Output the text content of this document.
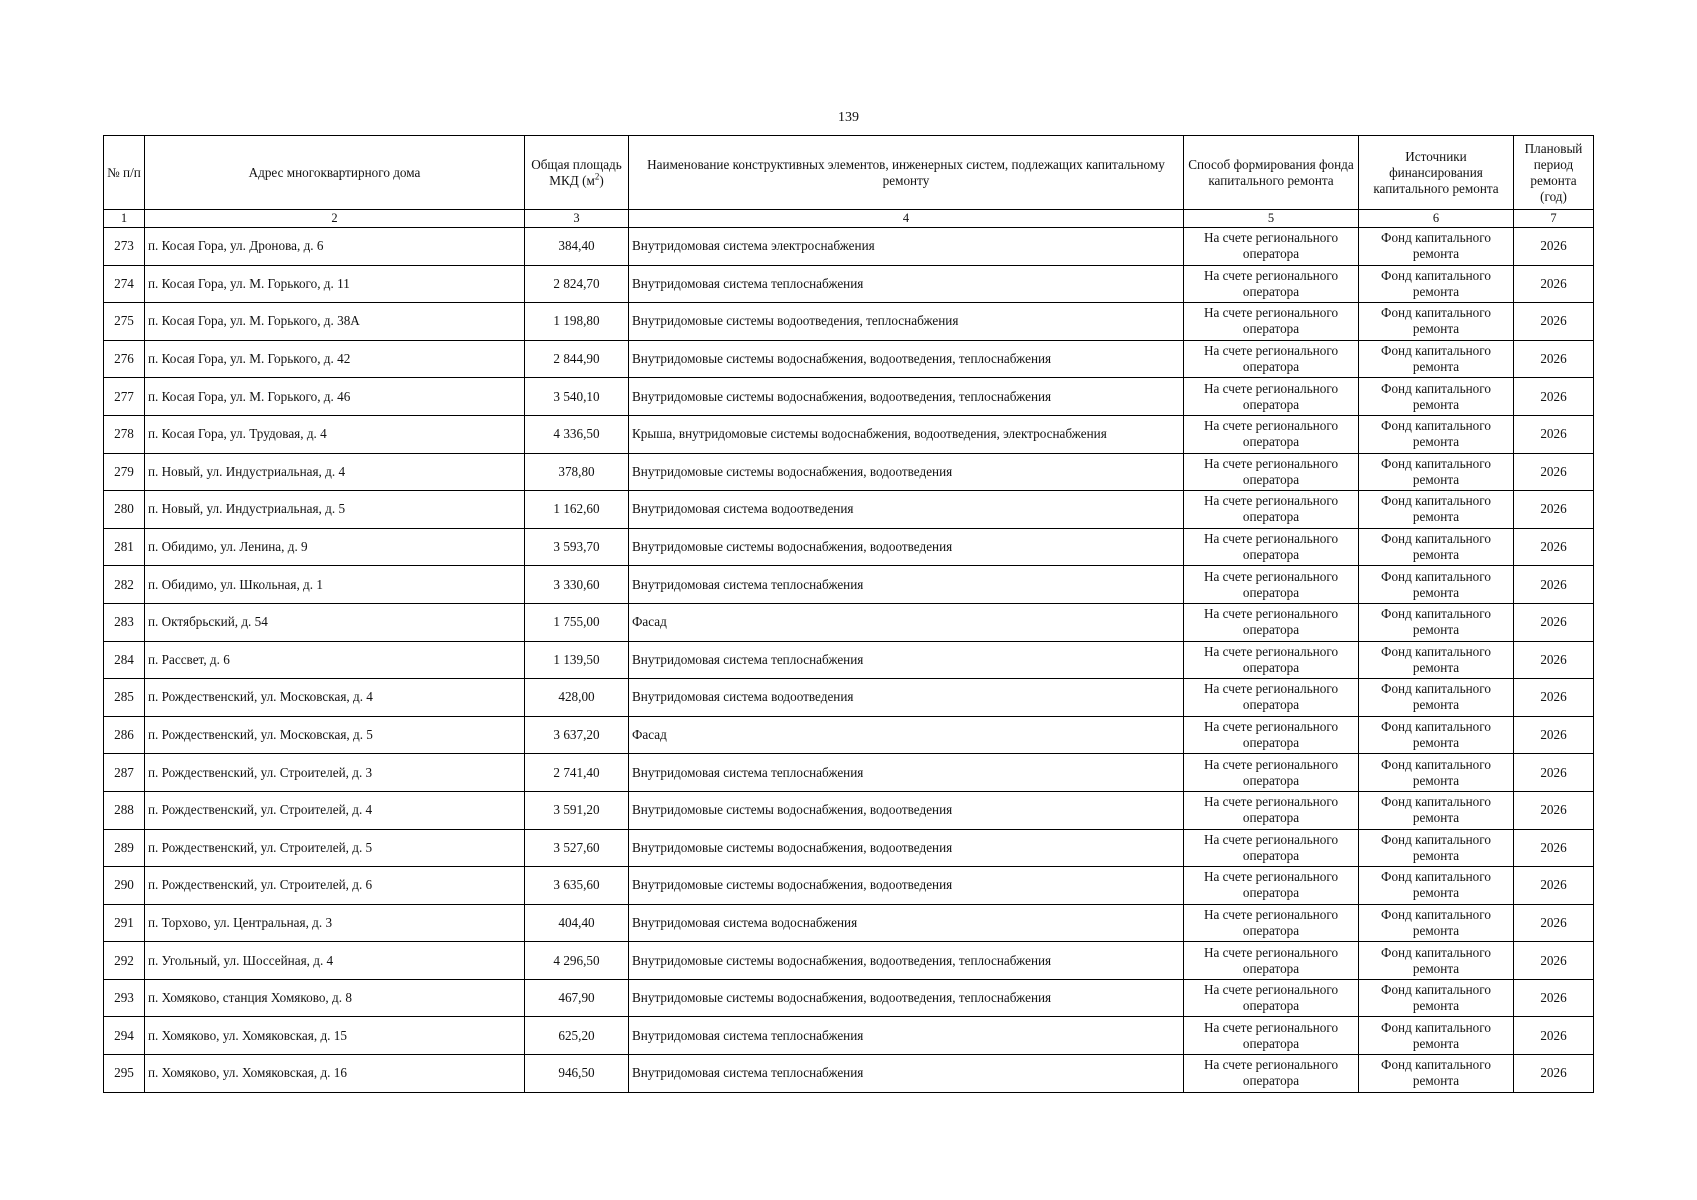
139
№ п/п	Адрес многоквартирного дома	Общая площадь МКД $(м^2)$	Наименование конструктивных элементов, инженерных систем, подлежащих капитальному ремонту	Способ формирования фонда капитального ремонта	Источники финансирования капитального ремонта	Плановый период ремонта (год)
1	2	3	4	5	6	7
273	п. Косая Гора, ул. Дронова, д. 6	384,40	Внутридомовая система электроснабжения	На счете регионального оператора	Фонд капитального ремонта	2026
274	п. Косая Гора, ул. М. Горького, д. 11	2 824,70	Внутридомовая система теплоснабжения	На счете регионального оператора	Фонд капитального ремонта	2026
275	п. Косая Гора, ул. М. Горького, д. 38А	1 198,80	Внутридомовые системы водоотведения, теплоснабжения	На счете регионального оператора	Фонд капитального ремонта	2026
276	п. Косая Гора, ул. М. Горького, д. 42	2 844,90	Внутридомовые системы водоснабжения, водоотведения, теплоснабжения	На счете регионального оператора	Фонд капитального ремонта	2026
277	п. Косая Гора, ул. М. Горького, д. 46	3 540,10	Внутридомовые системы водоснабжения, водоотведения, теплоснабжения	На счете регионального оператора	Фонд капитального ремонта	2026
278	п. Косая Гора, ул. Трудовая, д. 4	4 336,50	Крыша, внутридомовые системы водоснабжения, водоотведения, электроснабжения	На счете регионального оператора	Фонд капитального ремонта	2026
279	п. Новый, ул. Индустриальная, д. 4	378,80	Внутридомовые системы водоснабжения, водоотведения	На счете регионального оператора	Фонд капитального ремонта	2026
280	п. Новый, ул. Индустриальная, д. 5	1 162,60	Внутридомовая система водоотведения	На счете регионального оператора	Фонд капитального ремонта	2026
281	п. Обидимо, ул. Ленина, д. 9	3 593,70	Внутридомовые системы водоснабжения, водоотведения	На счете регионального оператора	Фонд капитального ремонта	2026
282	п. Обидимо, ул. Школьная, д. 1	3 330,60	Внутридомовая система теплоснабжения	На счете регионального оператора	Фонд капитального ремонта	2026
283	п. Октябрьский, д. 54	1 755,00	Фасад	На счете регионального оператора	Фонд капитального ремонта	2026
284	п. Рассвет, д. 6	1 139,50	Внутридомовая система теплоснабжения	На счете регионального оператора	Фонд капитального ремонта	2026
285	п. Рождественский, ул. Московская, д. 4	428,00	Внутридомовая система водоотведения	На счете регионального оператора	Фонд капитального ремонта	2026
286	п. Рождественский, ул. Московская, д. 5	3 637,20	Фасад	На счете регионального оператора	Фонд капитального ремонта	2026
287	п. Рождественский, ул. Строителей, д. 3	2 741,40	Внутридомовая система теплоснабжения	На счете регионального оператора	Фонд капитального ремонта	2026
288	п. Рождественский, ул. Строителей, д. 4	3 591,20	Внутридомовые системы водоснабжения, водоотведения	На счете регионального оператора	Фонд капитального ремонта	2026
289	п. Рождественский, ул. Строителей, д. 5	3 527,60	Внутридомовые системы водоснабжения, водоотведения	На счете регионального оператора	Фонд капитального ремонта	2026
290	п. Рождественский, ул. Строителей, д. 6	3 635,60	Внутридомовые системы водоснабжения, водоотведения	На счете регионального оператора	Фонд капитального ремонта	2026
291	п. Торхово, ул. Центральная, д. 3	404,40	Внутридомовая система водоснабжения	На счете регионального оператора	Фонд капитального ремонта	2026
292	п. Угольный, ул. Шоссейная, д. 4	4 296,50	Внутридомовые системы водоснабжения, водоотведения, теплоснабжения	На счете регионального оператора	Фонд капитального ремонта	2026
293	п. Хомяково, станция Хомяково, д. 8	467,90	Внутридомовые системы водоснабжения, водоотведения, теплоснабжения	На счете регионального оператора	Фонд капитального ремонта	2026
294	п. Хомяково, ул. Хомяковская, д. 15	625,20	Внутридомовая система теплоснабжения	На счете регионального оператора	Фонд капитального ремонта	2026
295	п. Хомяково, ул. Хомяковская, д. 16	946,50	Внутридомовая система теплоснабжения	На счете регионального оператора	Фонд капитального ремонта	2026
